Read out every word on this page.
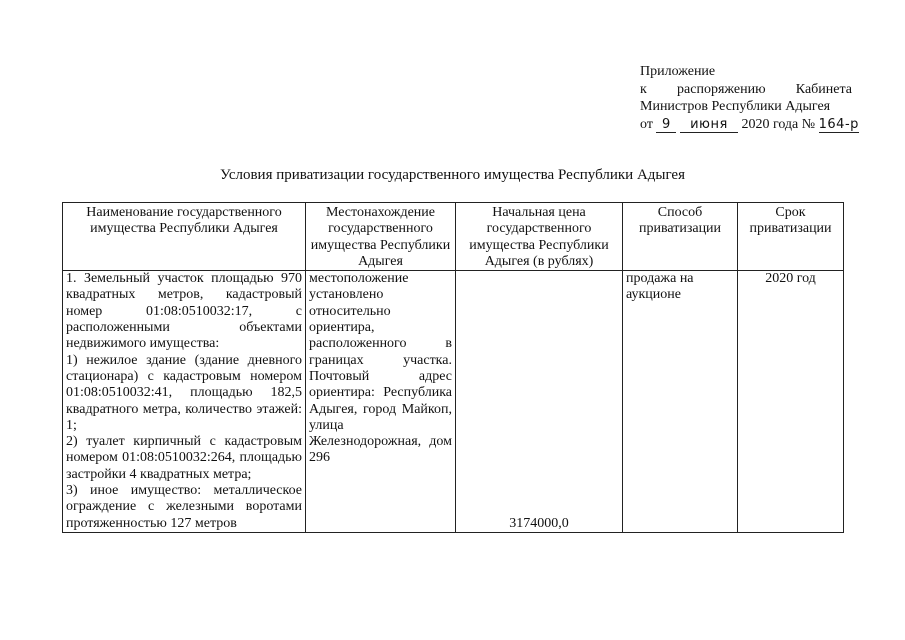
Приложение
к распоряжению Кабинета
Министров Республики Адыгея
от 9 июня 2020 года № 164-р
Условия приватизации государственного имущества Республики Адыгея
Наименование государственного имущества Республики Адыгея	Местонахождение государственного имущества Республики Адыгея	Начальная цена государственного имущества Республики Адыгея (в рублях)	Способ приватизации	Срок приватизации

1. Земельный участок площадью 970 квадратных метров, кадастровый номер 01:08:0510032:17, с расположенными объектами недвижимого имущества:
1) нежилое здание (здание дневного стационара) с кадастровым номером 01:08:0510032:41, площадью 182,5 квадратного метра, количество этажей: 1;
2) туалет кирпичный с кадастровым номером 01:08:0510032:264, площадью застройки 4 квадратных метра;
3) иное имущество: металлическое ограждение с железными воротами протяженностью 127 метров	местоположение установлено относительно ориентира, расположенного в границах участка. Почтовый адрес ориентира: Республика Адыгея, город Майкоп, улица Железнодорожная, дом 296	3174000,0	продажа на аукционе	2020 год
